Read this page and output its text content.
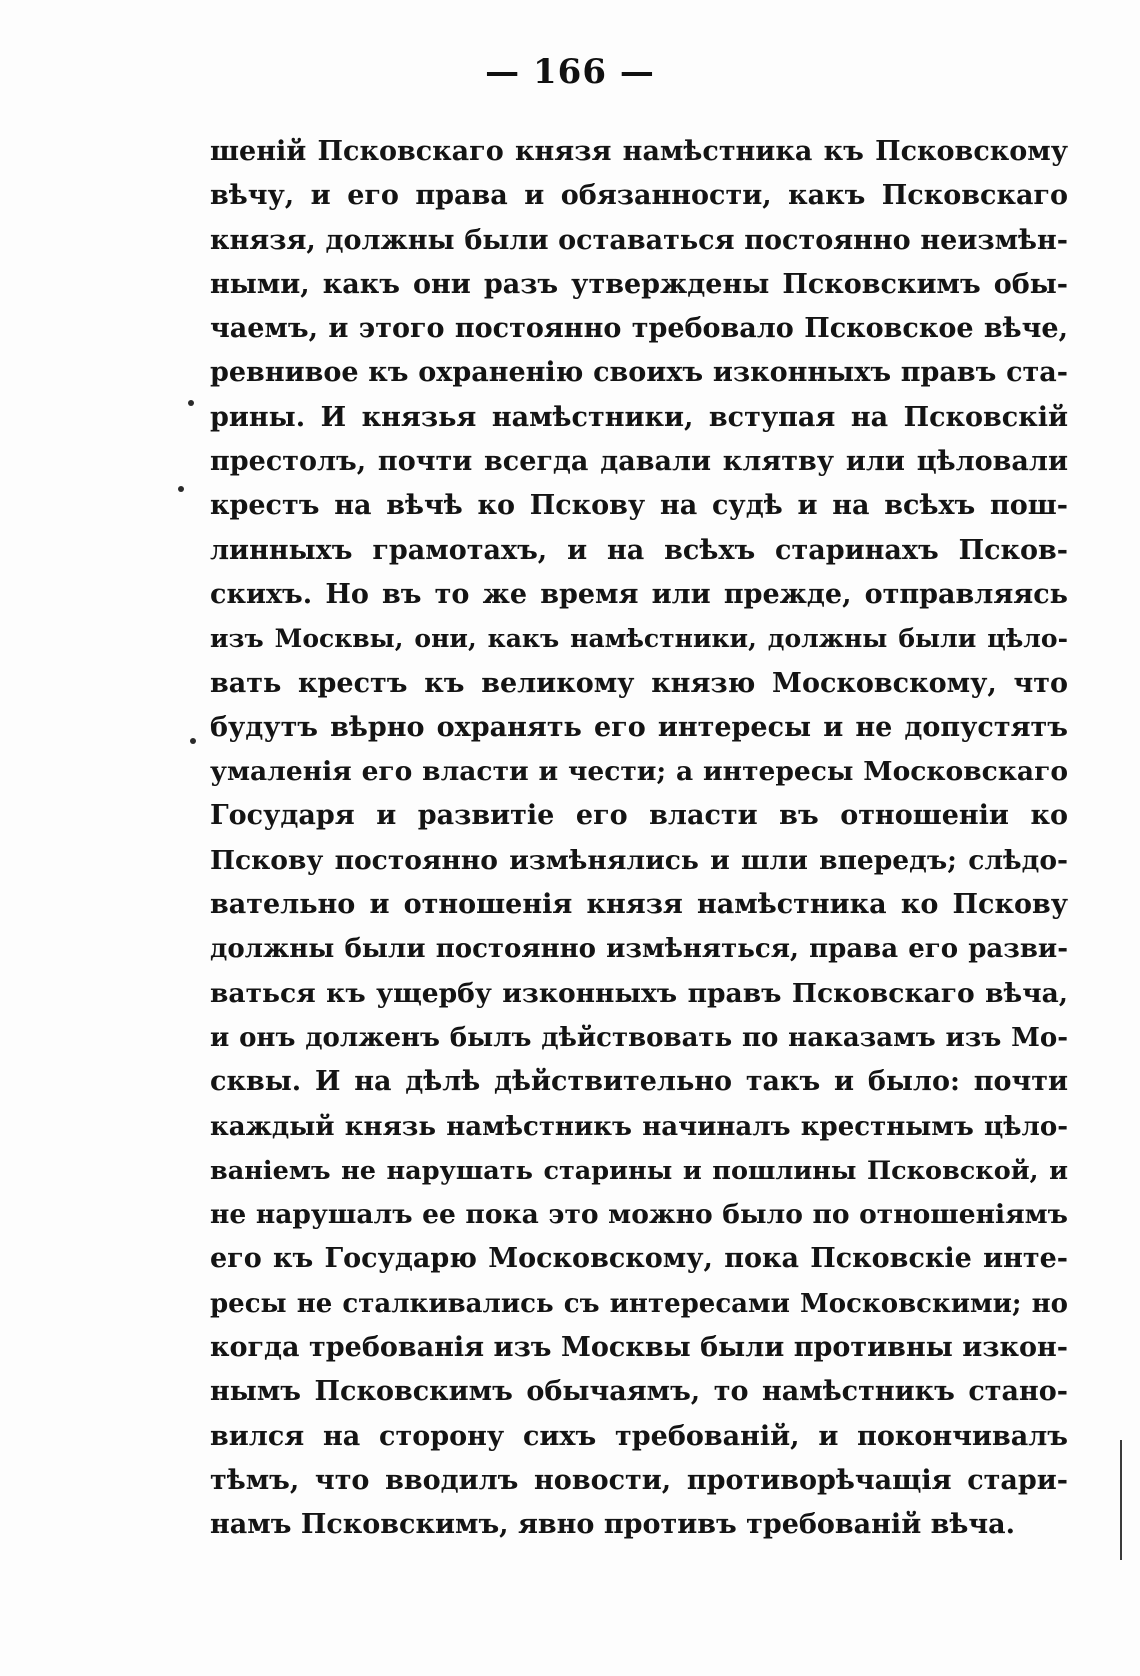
— 166 —
шеній Псковскаго князя намѣстника къ Псковскому
вѣчу, и его права и обязанности, какъ Псковскаго
князя, должны были оставаться постоянно неизмѣн-
ными, какъ они разъ утверждены Псковскимъ обы-
чаемъ, и этого постоянно требовало Псковское вѣче,
ревнивое къ охраненію своихъ изконныхъ правъ ста-
рины. И князья намѣстники, вступая на Псковскій
престолъ, почти всегда давали клятву или цѣловали
крестъ на вѣчѣ ко Пскову на судѣ и на всѣхъ пош-
линныхъ грамотахъ, и на всѣхъ старинахъ Псков-
скихъ. Но въ то же время или прежде, отправляясь
изъ Москвы, они, какъ намѣстники, должны были цѣло-
вать крестъ къ великому князю Московскому, что
будутъ вѣрно охранять его интересы и не допустятъ
умаленія его власти и чести; а интересы Московскаго
Государя и развитіе его власти въ отношеніи ко
Пскову постоянно измѣнялись и шли впередъ; слѣдо-
вательно и отношенія князя намѣстника ко Пскову
должны были постоянно измѣняться, права его разви-
ваться къ ущербу изконныхъ правъ Псковскаго вѣча,
и онъ долженъ былъ дѣйствовать по наказамъ изъ Мо-
сквы. И на дѣлѣ дѣйствительно такъ и было: почти
каждый князь намѣстникъ начиналъ крестнымъ цѣло-
ваніемъ не нарушать старины и пошлины Псковской, и
не нарушалъ ее пока это можно было по отношеніямъ
его къ Государю Московскому, пока Псковскіе инте-
ресы не сталкивались съ интересами Московскими; но
когда требованія изъ Москвы были противны изкон-
нымъ Псковскимъ обычаямъ, то намѣстникъ стано-
вился на сторону сихъ требованій, и покончивалъ
тѣмъ, что вводилъ новости, противорѣчащія стари-
намъ Псковскимъ, явно противъ требованій вѣча.
